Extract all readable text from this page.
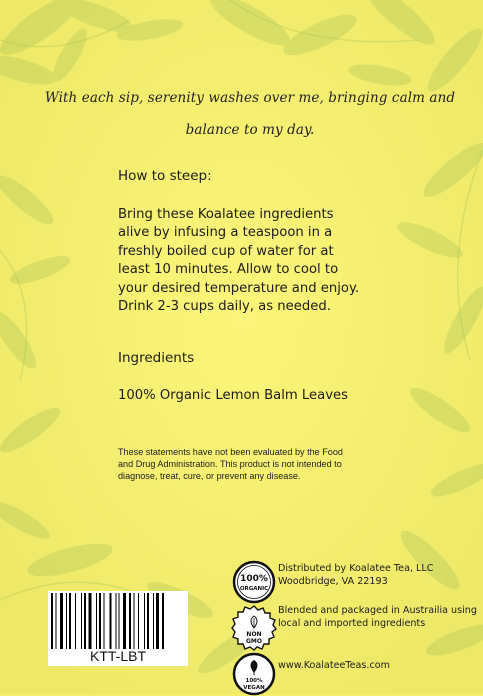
With each sip, serenity washes over me, bringing calm and
balance to my day.
How to steep:
Bring these Koalatee ingredients alive by infusing a teaspoon in a freshly boiled cup of water for at least 10 minutes. Allow to cool to your desired temperature and enjoy. Drink 2-3 cups daily, as needed.
Ingredients
100% Organic Lemon Balm Leaves
These statements have not been evaluated by the Food and Drug Administration. This product is not intended to diagnose, treat, cure, or prevent any disease.
KTT-LBT
100%
ORGANIC
NON
GMO
100%
VEGAN
Distributed by Koalatee Tea, LLC
Woodbridge, VA 22193
Blended and packaged in Austrailia using local and imported ingredients
www.KoalateeTeas.com
